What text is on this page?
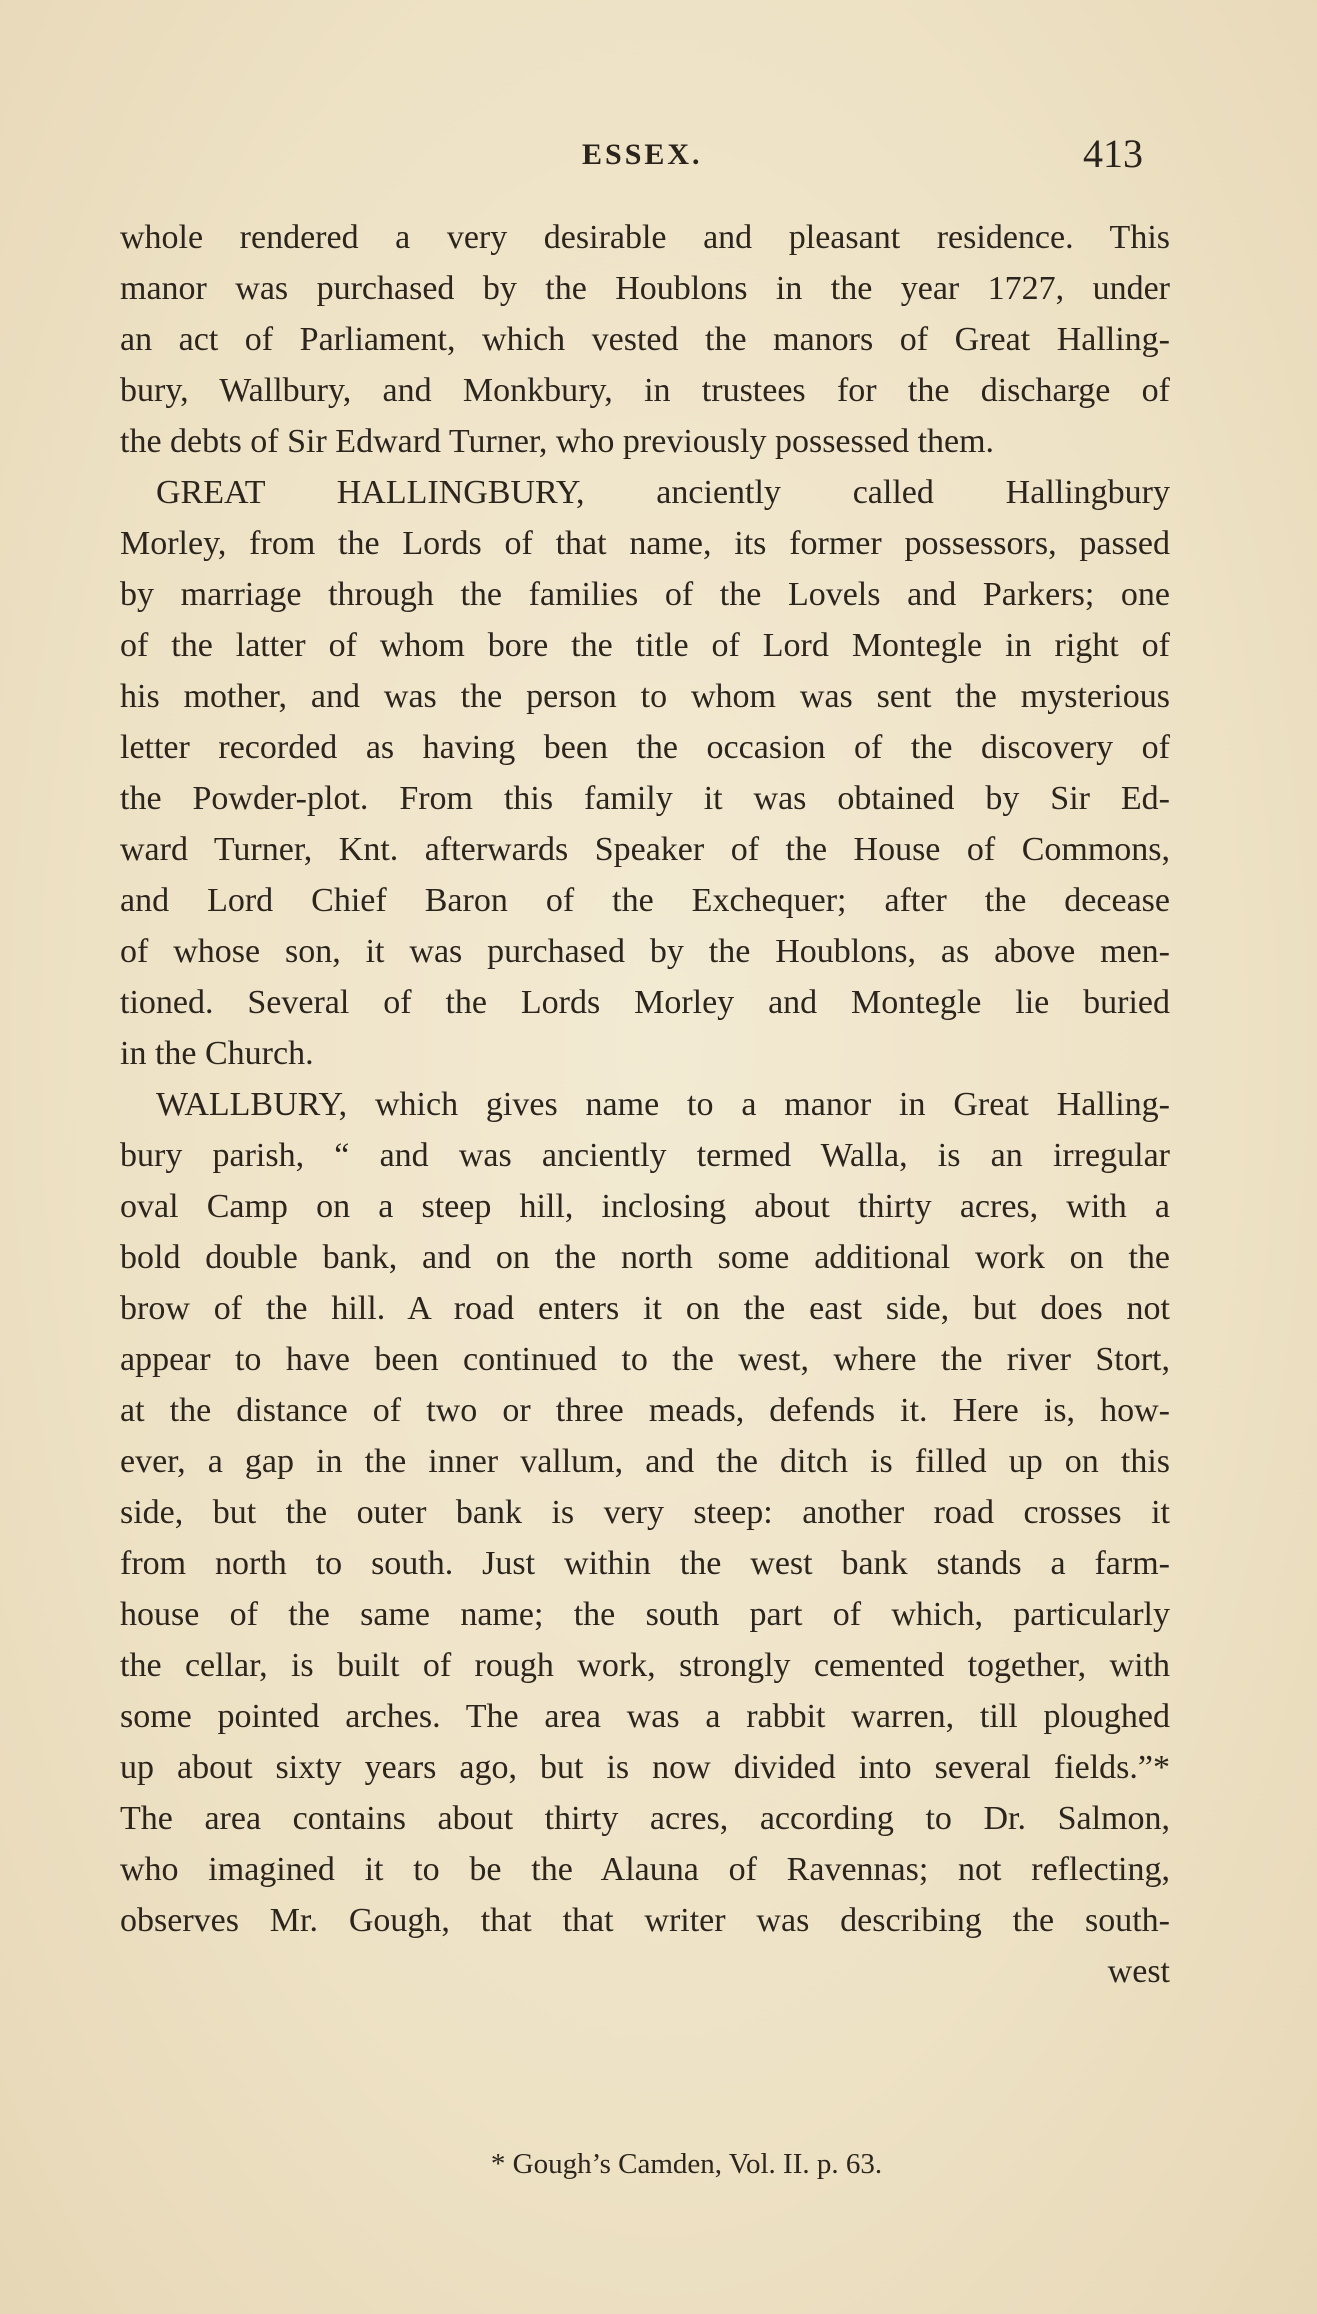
ESSEX.	413
whole rendered a very desirable and pleasant residence. This
manor was purchased by the Houblons in the year 1727, under
an act of Parliament, which vested the manors of Great Halling-
bury, Wallbury, and Monkbury, in trustees for the discharge of
the debts of Sir Edward Turner, who previously possessed them.
GREAT HALLINGBURY, anciently called Hallingbury
Morley, from the Lords of that name, its former possessors, passed
by marriage through the families of the Lovels and Parkers; one
of the latter of whom bore the title of Lord Montegle in right of
his mother, and was the person to whom was sent the mysterious
letter recorded as having been the occasion of the discovery of
the Powder-plot. From this family it was obtained by Sir Ed-
ward Turner, Knt. afterwards Speaker of the House of Commons,
and Lord Chief Baron of the Exchequer; after the decease
of whose son, it was purchased by the Houblons, as above men-
tioned. Several of the Lords Morley and Montegle lie buried
in the Church.
WALLBURY, which gives name to a manor in Great Halling-
bury parish, “ and was anciently termed Walla, is an irregular
oval Camp on a steep hill, inclosing about thirty acres, with a
bold double bank, and on the north some additional work on the
brow of the hill. A road enters it on the east side, but does not
appear to have been continued to the west, where the river Stort,
at the distance of two or three meads, defends it. Here is, how-
ever, a gap in the inner vallum, and the ditch is filled up on this
side, but the outer bank is very steep: another road crosses it
from north to south. Just within the west bank stands a farm-
house of the same name; the south part of which, particularly
the cellar, is built of rough work, strongly cemented together, with
some pointed arches. The area was a rabbit warren, till ploughed
up about sixty years ago, but is now divided into several fields.”*
The area contains about thirty acres, according to Dr. Salmon,
who imagined it to be the Alauna of Ravennas; not reflecting,
observes Mr. Gough, that that writer was describing the south-
west
* Gough’s Camden, Vol. II. p. 63.
